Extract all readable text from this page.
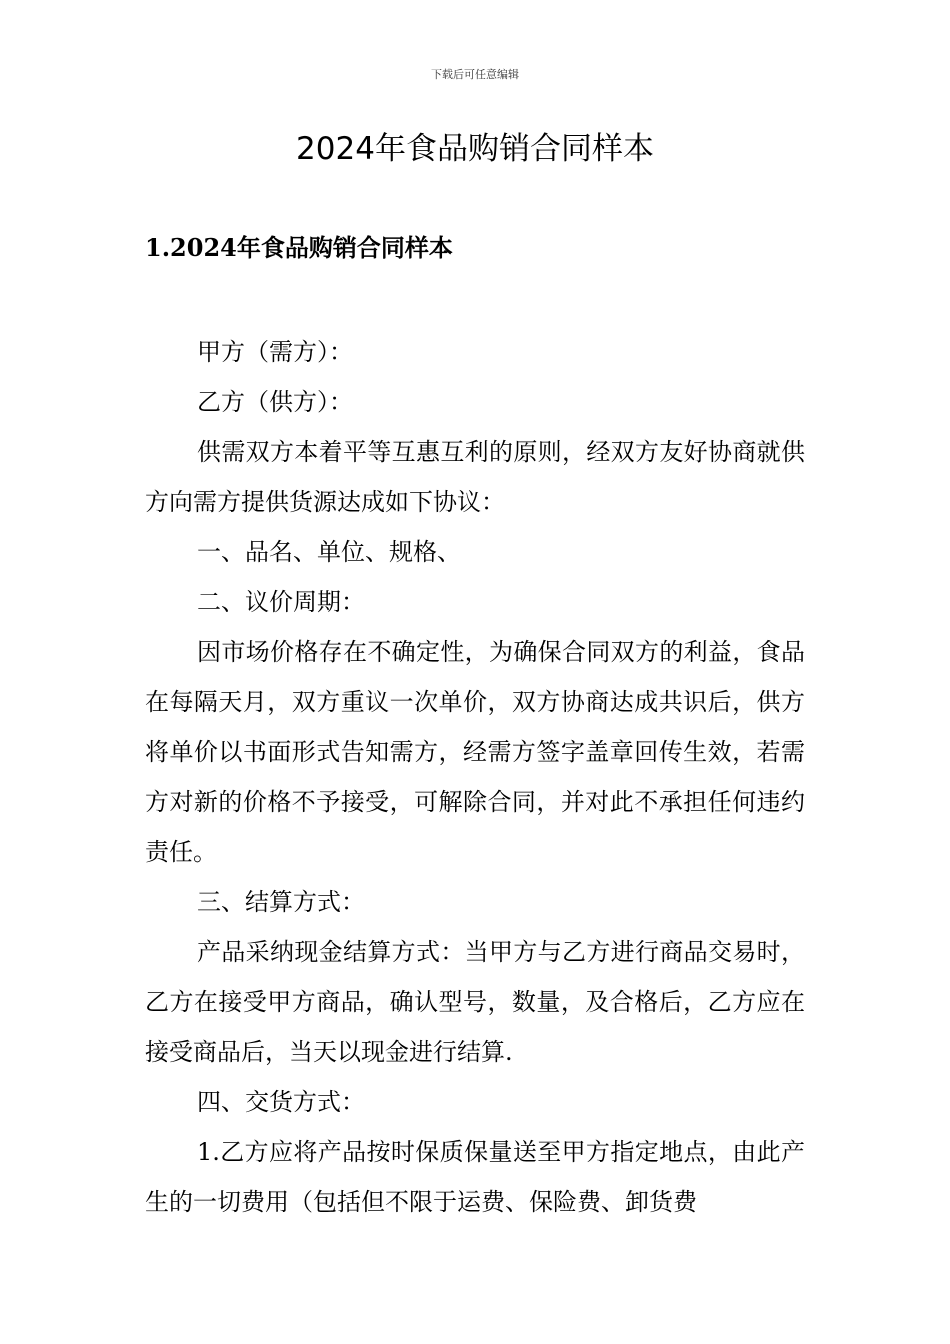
下载后可任意编辑
2024年食品购销合同样本
1.2024年食品购销合同样本

甲方（需方）：

乙方（供方）：

供需双方本着平等互惠互利的原则，经双方友好协商就供方向需方提供货源达成如下协议：

一、品名、单位、规格、

二、议价周期：

因市场价格存在不确定性，为确保合同双方的利益，食品在每隔天月，双方重议一次单价，双方协商达成共识后，供方将单价以书面形式告知需方，经需方签字盖章回传生效，若需方对新的价格不予接受，可解除合同，并对此不承担任何违约责任。

三、结算方式：

产品采纳现金结算方式：当甲方与乙方进行商品交易时，乙方在接受甲方商品，确认型号，数量，及合格后，乙方应在接受商品后，当天以现金进行结算.

四、交货方式：

1.乙方应将产品按时保质保量送至甲方指定地点，由此产生的一切费用（包括但不限于运费、保险费、卸货费
